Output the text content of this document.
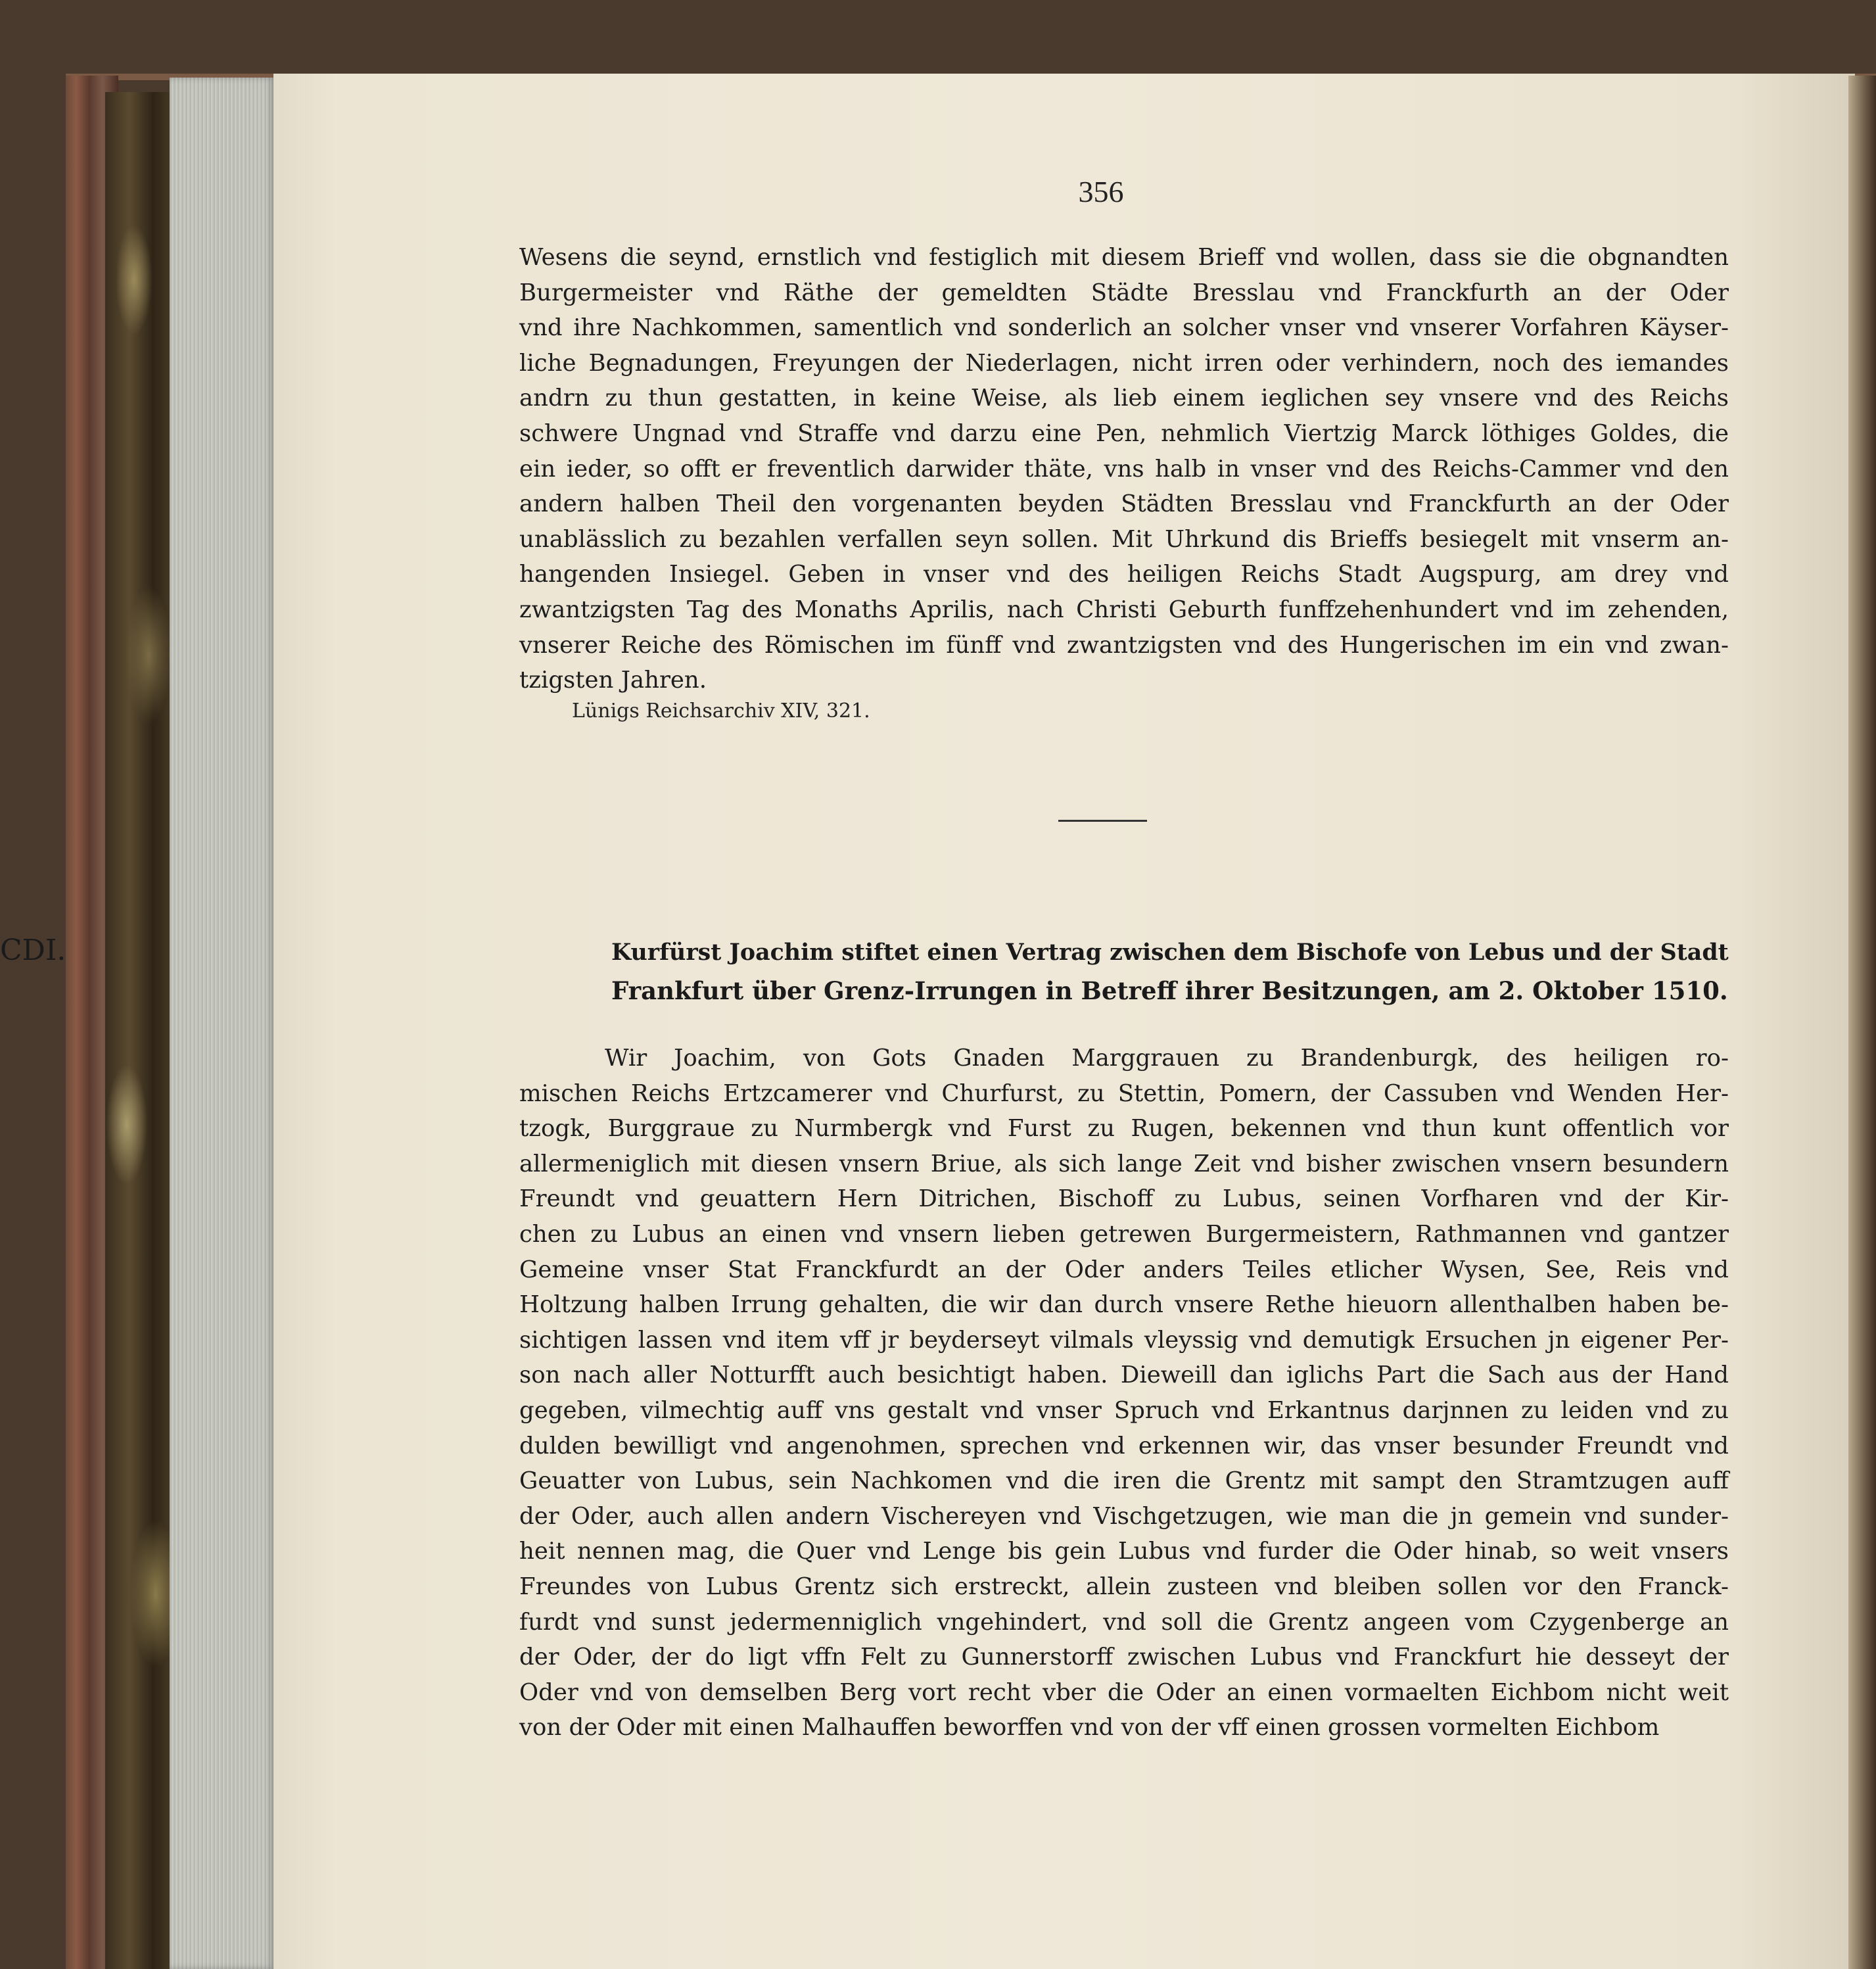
356
Wesens die seynd, ernstlich vnd festiglich mit diesem Brieff vnd wollen, dass sie die obgnandten
Burgermeister vnd Räthe der gemeldten Städte Bresslau vnd Franckfurth an der Oder
vnd ihre Nachkommen, samentlich vnd sonderlich an solcher vnser vnd vnserer Vorfahren Käyser-
liche Begnadungen, Freyungen der Niederlagen, nicht irren oder verhindern, noch des iemandes
andrn zu thun gestatten, in keine Weise, als lieb einem ieglichen sey vnsere vnd des Reichs
schwere Ungnad vnd Straffe vnd darzu eine Pen, nehmlich Viertzig Marck löthiges Goldes, die
ein ieder, so offt er freventlich darwider thäte, vns halb in vnser vnd des Reichs-Cammer vnd den
andern halben Theil den vorgenanten beyden Städten Bresslau vnd Franckfurth an der Oder
unablässlich zu bezahlen verfallen seyn sollen. Mit Uhrkund dis Brieffs besiegelt mit vnserm an-
hangenden Insiegel. Geben in vnser vnd des heiligen Reichs Stadt Augspurg, am drey vnd
zwantzigsten Tag des Monaths Aprilis, nach Christi Geburth funffzehenhundert vnd im zehenden,
vnserer Reiche des Römischen im fünff vnd zwantzigsten vnd des Hungerischen im ein vnd zwan-
tzigsten Jahren.
Lünigs Reichsarchiv XIV, 321.
CDI.	Kurfürst Joachim stiftet einen Vertrag zwischen dem Bischofe von Lebus und der Stadt
Frankfurt über Grenz-Irrungen in Betreff ihrer Besitzungen, am 2. Oktober 1510.
Wir Joachim, von Gots Gnaden Marggrauen zu Brandenburgk, des heiligen ro-
mischen Reichs Ertzcamerer vnd Churfurst, zu Stettin, Pomern, der Cassuben vnd Wenden Her-
tzogk, Burggraue zu Nurmbergk vnd Furst zu Rugen, bekennen vnd thun kunt offentlich vor
allermeniglich mit diesen vnsern Briue, als sich lange Zeit vnd bisher zwischen vnsern besundern
Freundt vnd geuattern Hern Ditrichen, Bischoff zu Lubus, seinen Vorfharen vnd der Kir-
chen zu Lubus an einen vnd vnsern lieben getrewen Burgermeistern, Rathmannen vnd gantzer
Gemeine vnser Stat Franckfurdt an der Oder anders Teiles etlicher Wysen, See, Reis vnd
Holtzung halben Irrung gehalten, die wir dan durch vnsere Rethe hieuorn allenthalben haben be-
sichtigen lassen vnd item vff jr beyderseyt vilmals vleyssig vnd demutigk Ersuchen jn eigener Per-
son nach aller Notturfft auch besichtigt haben. Dieweill dan iglichs Part die Sach aus der Hand
gegeben, vilmechtig auff vns gestalt vnd vnser Spruch vnd Erkantnus darjnnen zu leiden vnd zu
dulden bewilligt vnd angenohmen, sprechen vnd erkennen wir, das vnser besunder Freundt vnd
Geuatter von Lubus, sein Nachkomen vnd die iren die Grentz mit sampt den Stramtzugen auff
der Oder, auch allen andern Vischereyen vnd Vischgetzugen, wie man die jn gemein vnd sunder-
heit nennen mag, die Quer vnd Lenge bis gein Lubus vnd furder die Oder hinab, so weit vnsers
Freundes von Lubus Grentz sich erstreckt, allein zusteen vnd bleiben sollen vor den Franck-
furdt vnd sunst jedermenniglich vngehindert, vnd soll die Grentz angeen vom Czygenberge an
der Oder, der do ligt vffn Felt zu Gunnerstorff zwischen Lubus vnd Franckfurt hie desseyt der
Oder vnd von demselben Berg vort recht vber die Oder an einen vormaelten Eichbom nicht weit
von der Oder mit einen Malhauffen beworffen vnd von der vff einen grossen vormelten Eichbom
